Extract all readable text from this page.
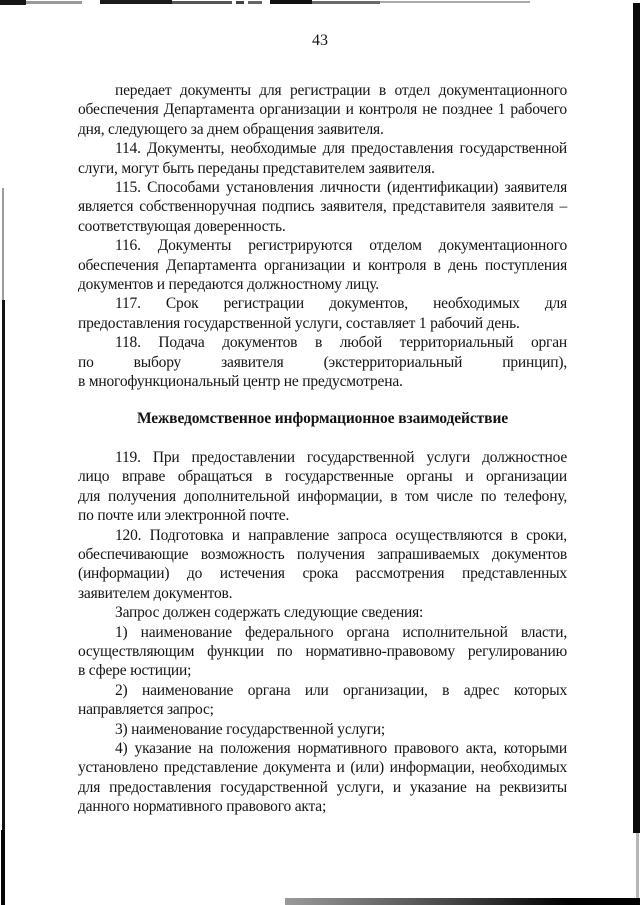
43
передает документы для регистрации в отдел документационного
обеспечения Департамента организации и контроля не позднее 1 рабочего
дня, следующего за днем обращения заявителя.
114. Документы, необходимые для предоставления государственной
слуги, могут быть переданы представителем заявителя.
115. Способами установления личности (идентификации) заявителя
является собственноручная подпись заявителя, представителя заявителя –
соответствующая доверенность.
116. Документы регистрируются отделом документационного
обеспечения Департамента организации и контроля в день поступления
документов и передаются должностному лицу.
117. Срок регистрации документов, необходимых для
предоставления государственной услуги, составляет 1 рабочий день.
118. Подача документов в любой территориальный орган
по выбору заявителя (экстерриториальный принцип),
в многофункциональный центр не предусмотрена.
Межведомственное информационное взаимодействие
119. При предоставлении государственной услуги должностное
лицо вправе обращаться в государственные органы и организации
для получения дополнительной информации, в том числе по телефону,
по почте или электронной почте.
120. Подготовка и направление запроса осуществляются в сроки,
обеспечивающие возможность получения запрашиваемых документов
(информации) до истечения срока рассмотрения представленных
заявителем документов.
Запрос должен содержать следующие сведения:
1) наименование федерального органа исполнительной власти,
осуществляющим функции по нормативно-правовому регулированию
в сфере юстиции;
2) наименование органа или организации, в адрес которых
направляется запрос;
3) наименование государственной услуги;
4) указание на положения нормативного правового акта, которыми
установлено представление документа и (или) информации, необходимых
для предоставления государственной услуги, и указание на реквизиты
данного нормативного правового акта;
